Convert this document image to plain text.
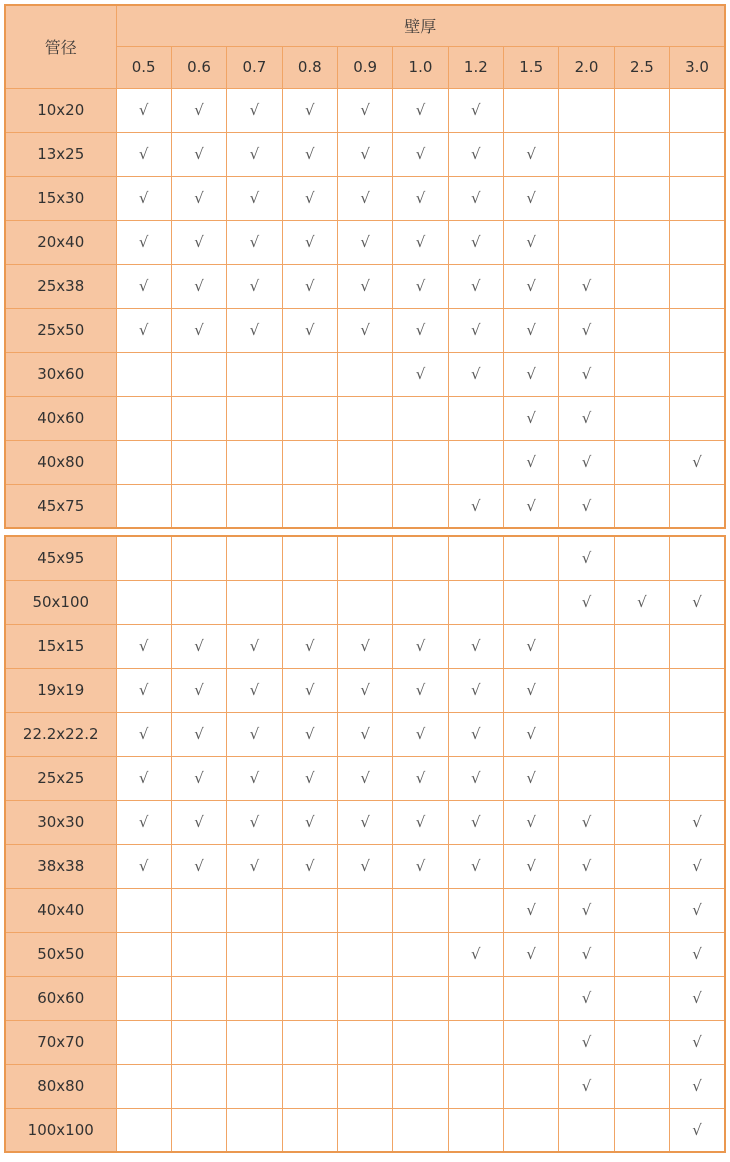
管径	壁厚										
	0.5	0.6	0.7	0.8	0.9	1.0	1.2	1.5	2.0	2.5	3.0
10x20	√	√	√	√	√	√	√				
13x25	√	√	√	√	√	√	√	√			
15x30	√	√	√	√	√	√	√	√			
20x40	√	√	√	√	√	√	√	√			
25x38	√	√	√	√	√	√	√	√	√		
25x50	√	√	√	√	√	√	√	√	√		
30x60						√	√	√	√		
40x60								√	√		
40x80								√	√		√
45x75							√	√	√		
45x95									√		
50x100									√	√	√
15x15	√	√	√	√	√	√	√	√			
19x19	√	√	√	√	√	√	√	√			
22.2x22.2	√	√	√	√	√	√	√	√			
25x25	√	√	√	√	√	√	√	√			
30x30	√	√	√	√	√	√	√	√	√		√
38x38	√	√	√	√	√	√	√	√	√		√
40x40								√	√		√
50x50							√	√	√		√
60x60									√		√
70x70									√		√
80x80									√		√
100x100											√
